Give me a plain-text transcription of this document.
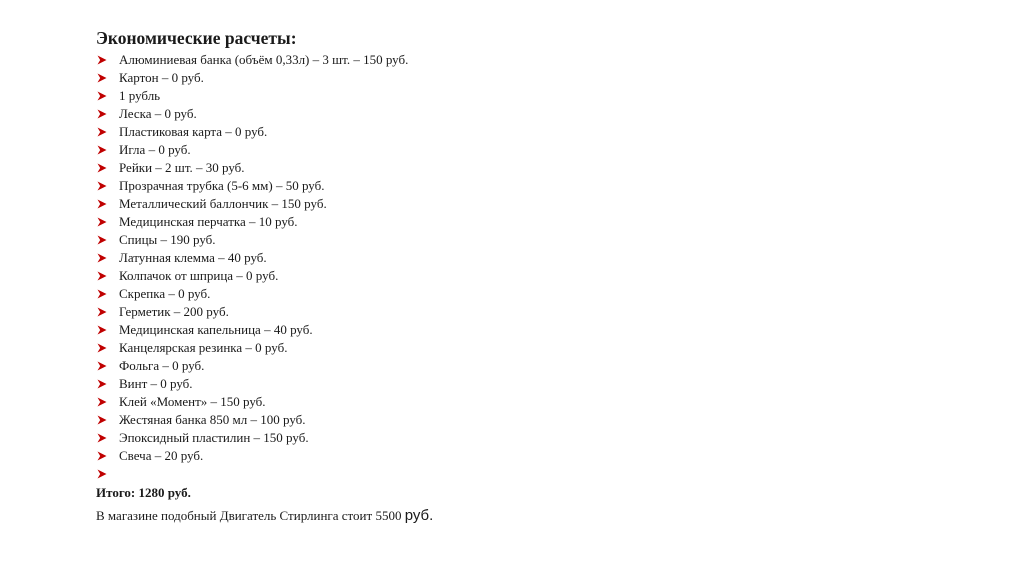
Экономические расчеты:
Алюминиевая банка (объём 0,33л) – 3 шт. – 150 руб.
Картон – 0 руб.
1 рубль
Леска – 0 руб.
Пластиковая карта – 0 руб.
Игла – 0 руб.
Рейки – 2 шт. – 30 руб.
Прозрачная трубка (5-6 мм) – 50 руб.
Металлический баллончик – 150 руб.
Медицинская перчатка – 10 руб.
Спицы – 190 руб.
Латунная клемма – 40 руб.
Колпачок от шприца – 0 руб.
Скрепка – 0 руб.
Герметик – 200 руб.
Медицинская капельница – 40 руб.
Канцелярская резинка – 0 руб.
Фольга – 0 руб.
Винт – 0 руб.
Клей «Момент» – 150 руб.
Жестяная банка 850 мл – 100 руб.
Эпоксидный пластилин – 150 руб.
Свеча – 20 руб.
Итого: 1280 руб.
В магазине подобный Двигатель Стирлинга стоит 5500 руб.
